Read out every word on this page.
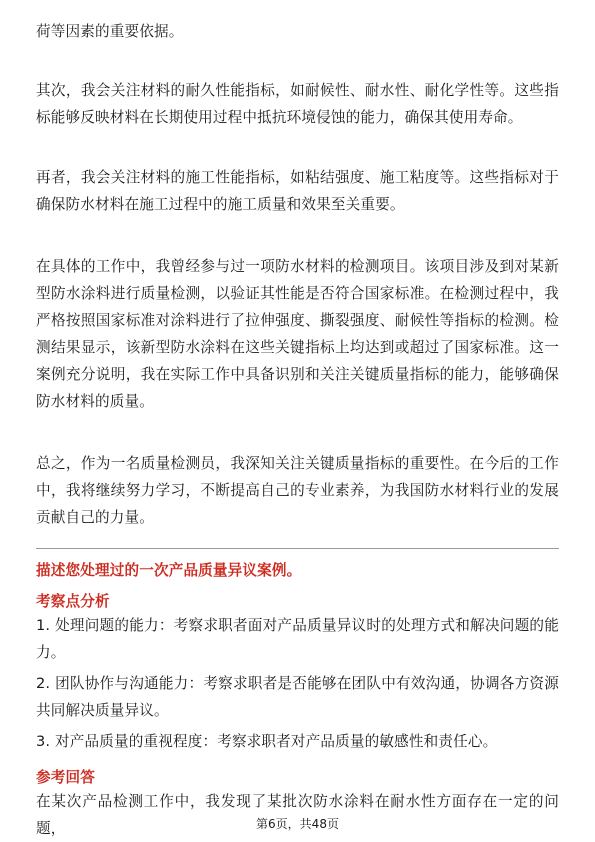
荷等因素的重要依据。

其次，我会关注材料的耐久性能指标，如耐候性、耐水性、耐化学性等。这些指标能够反映材料在长期使用过程中抵抗环境侵蚀的能力，确保其使用寿命。

再者，我会关注材料的施工性能指标，如粘结强度、施工粘度等。这些指标对于确保防水材料在施工过程中的施工质量和效果至关重要。

在具体的工作中，我曾经参与过一项防水材料的检测项目。该项目涉及到对某新型防水涂料进行质量检测，以验证其性能是否符合国家标准。在检测过程中，我严格按照国家标准对涂料进行了拉伸强度、撕裂强度、耐候性等指标的检测。检测结果显示，该新型防水涂料在这些关键指标上均达到或超过了国家标准。这一案例充分说明，我在实际工作中具备识别和关注关键质量指标的能力，能够确保防水材料的质量。

总之，作为一名质量检测员，我深知关注关键质量指标的重要性。在今后的工作中，我将继续努力学习，不断提高自己的专业素养，为我国防水材料行业的发展贡献自己的力量。

描述您处理过的一次产品质量异议案例。

考察点分析

1. 处理问题的能力：考察求职者面对产品质量异议时的处理方式和解决问题的能力。

2. 团队协作与沟通能力：考察求职者是否能够在团队中有效沟通，协调各方资源共同解决质量异议。

3. 对产品质量的重视程度：考察求职者对产品质量的敏感性和责任心。

参考回答

在某次产品检测工作中，我发现了某批次防水涂料在耐水性方面存在一定的问题，	第6页，共48页
